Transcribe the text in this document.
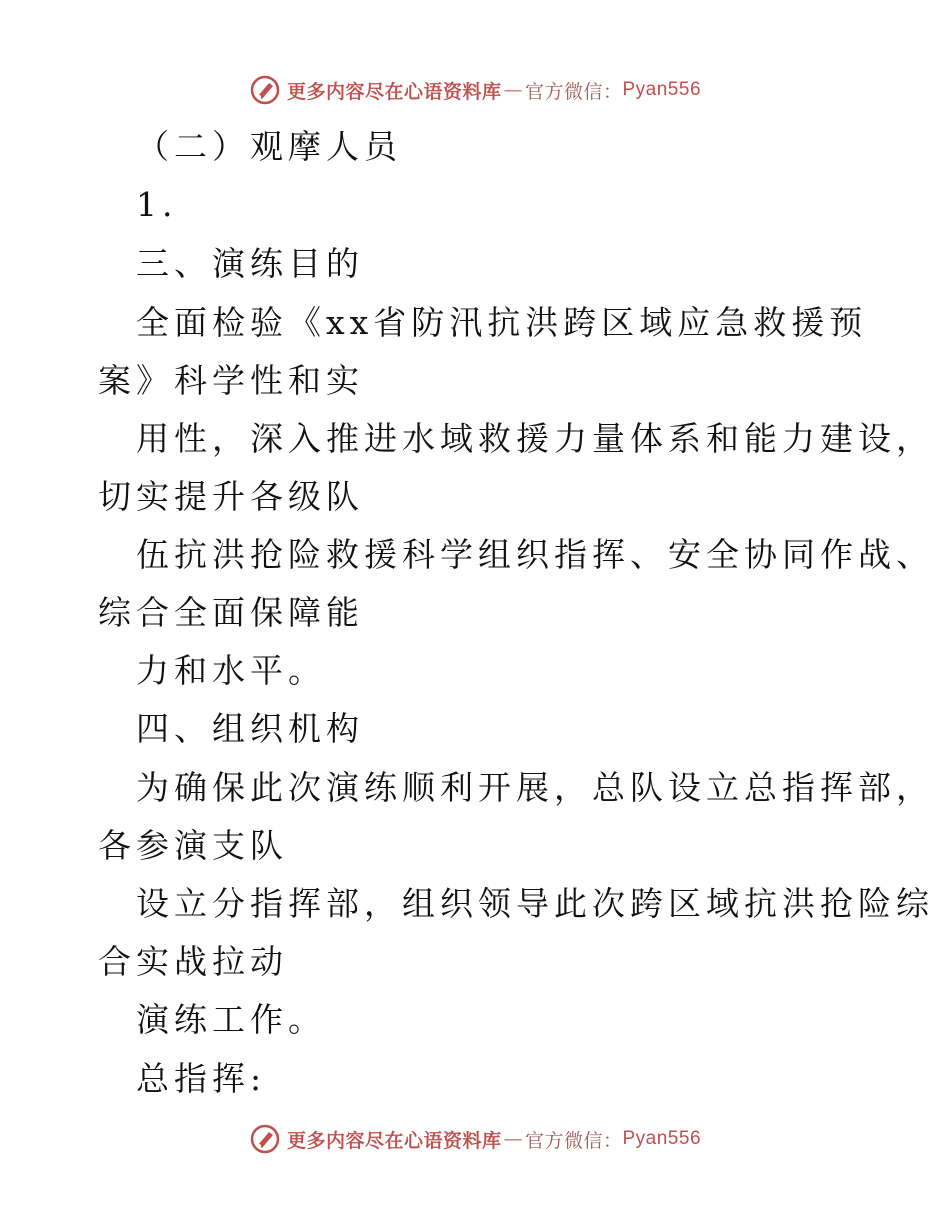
更多内容尽在心语资料库 — 官方微信： Pyan556
（二）观摩人员
1.
三、演练目的
全面检验《xx省防汛抗洪跨区域应急救援预
案》科学性和实
用性，深入推进水域救援力量体系和能力建设，
切实提升各级队
伍抗洪抢险救援科学组织指挥、安全协同作战、
综合全面保障能
力和水平。
四、组织机构
为确保此次演练顺利开展，总队设立总指挥部，
各参演支队
设立分指挥部，组织领导此次跨区域抗洪抢险综
合实战拉动
演练工作。
总指挥:
更多内容尽在心语资料库 — 官方微信： Pyan556
